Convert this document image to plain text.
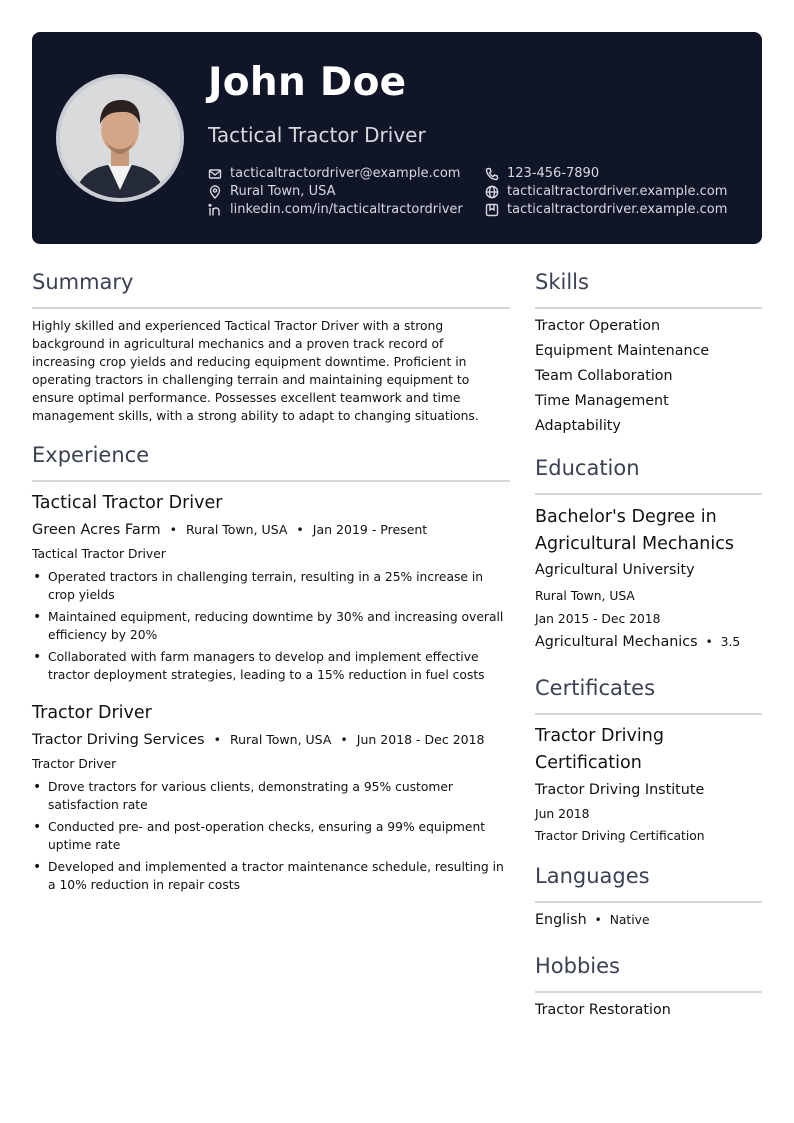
John Doe
Tactical Tractor Driver
tacticaltractordriver@example.com	123-456-7890
Rural Town, USA	tacticaltractordriver.example.com
linkedin.com/in/tacticaltractordriver	tacticaltractordriver.example.com
Summary
Highly skilled and experienced Tactical Tractor Driver with a strong background in agricultural mechanics and a proven track record of increasing crop yields and reducing equipment downtime. Proficient in operating tractors in challenging terrain and maintaining equipment to ensure optimal performance. Possesses excellent teamwork and time management skills, with a strong ability to adapt to changing situations.
Experience
Tactical Tractor Driver
Green Acres Farm • Rural Town, USA • Jan 2019 - Present
Tactical Tractor Driver
• Operated tractors in challenging terrain, resulting in a 25% increase in crop yields
• Maintained equipment, reducing downtime by 30% and increasing overall efficiency by 20%
• Collaborated with farm managers to develop and implement effective tractor deployment strategies, leading to a 15% reduction in fuel costs
Tractor Driver
Tractor Driving Services • Rural Town, USA • Jun 2018 - Dec 2018
Tractor Driver
• Drove tractors for various clients, demonstrating a 95% customer satisfaction rate
• Conducted pre- and post-operation checks, ensuring a 99% equipment uptime rate
• Developed and implemented a tractor maintenance schedule, resulting in a 10% reduction in repair costs
Skills
Tractor Operation
Equipment Maintenance
Team Collaboration
Time Management
Adaptability
Education
Bachelor's Degree in Agricultural Mechanics
Agricultural University
Rural Town, USA
Jan 2015 - Dec 2018
Agricultural Mechanics • 3.5
Certificates
Tractor Driving Certification
Tractor Driving Institute
Jun 2018
Tractor Driving Certification
Languages
English • Native
Hobbies
Tractor Restoration
